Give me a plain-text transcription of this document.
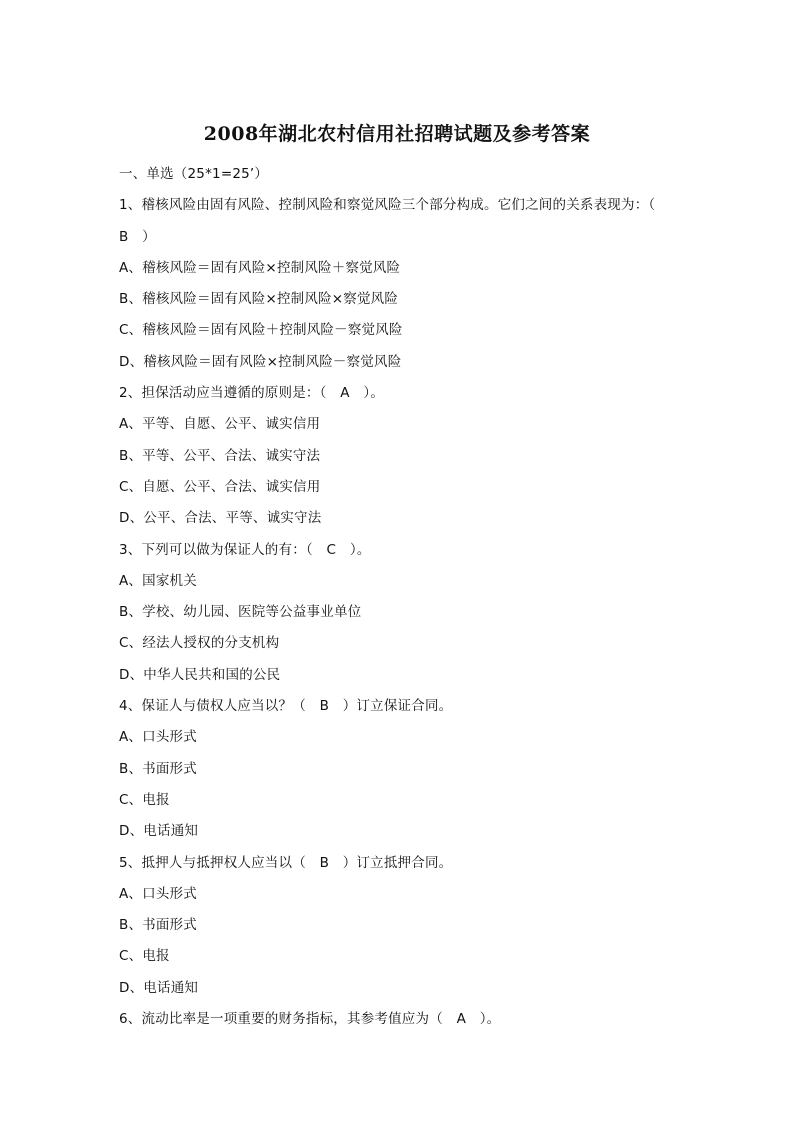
2008年湖北农村信用社招聘试题及参考答案
一、单选（25*1=25’）
1、稽核风险由固有风险、控制风险和察觉风险三个部分构成。它们之间的关系表现为：（
B　）
A、稽核风险＝固有风险×控制风险＋察觉风险
B、稽核风险＝固有风险×控制风险×察觉风险
C、稽核风险＝固有风险＋控制风险－察觉风险
D、稽核风险＝固有风险×控制风险－察觉风险
2、担保活动应当遵循的原则是：（　A　）。
A、平等、自愿、公平、诚实信用
B、平等、公平、合法、诚实守法
C、自愿、公平、合法、诚实信用
D、公平、合法、平等、诚实守法
3、下列可以做为保证人的有：（　C　）。
A、国家机关
B、学校、幼儿园、医院等公益事业单位
C、经法人授权的分支机构
D、中华人民共和国的公民
4、保证人与债权人应当以？（　B　）订立保证合同。
A、口头形式
B、书面形式
C、电报
D、电话通知
5、抵押人与抵押权人应当以（　B　）订立抵押合同。
A、口头形式
B、书面形式
C、电报
D、电话通知
6、流动比率是一项重要的财务指标，其参考值应为（　A　）。
